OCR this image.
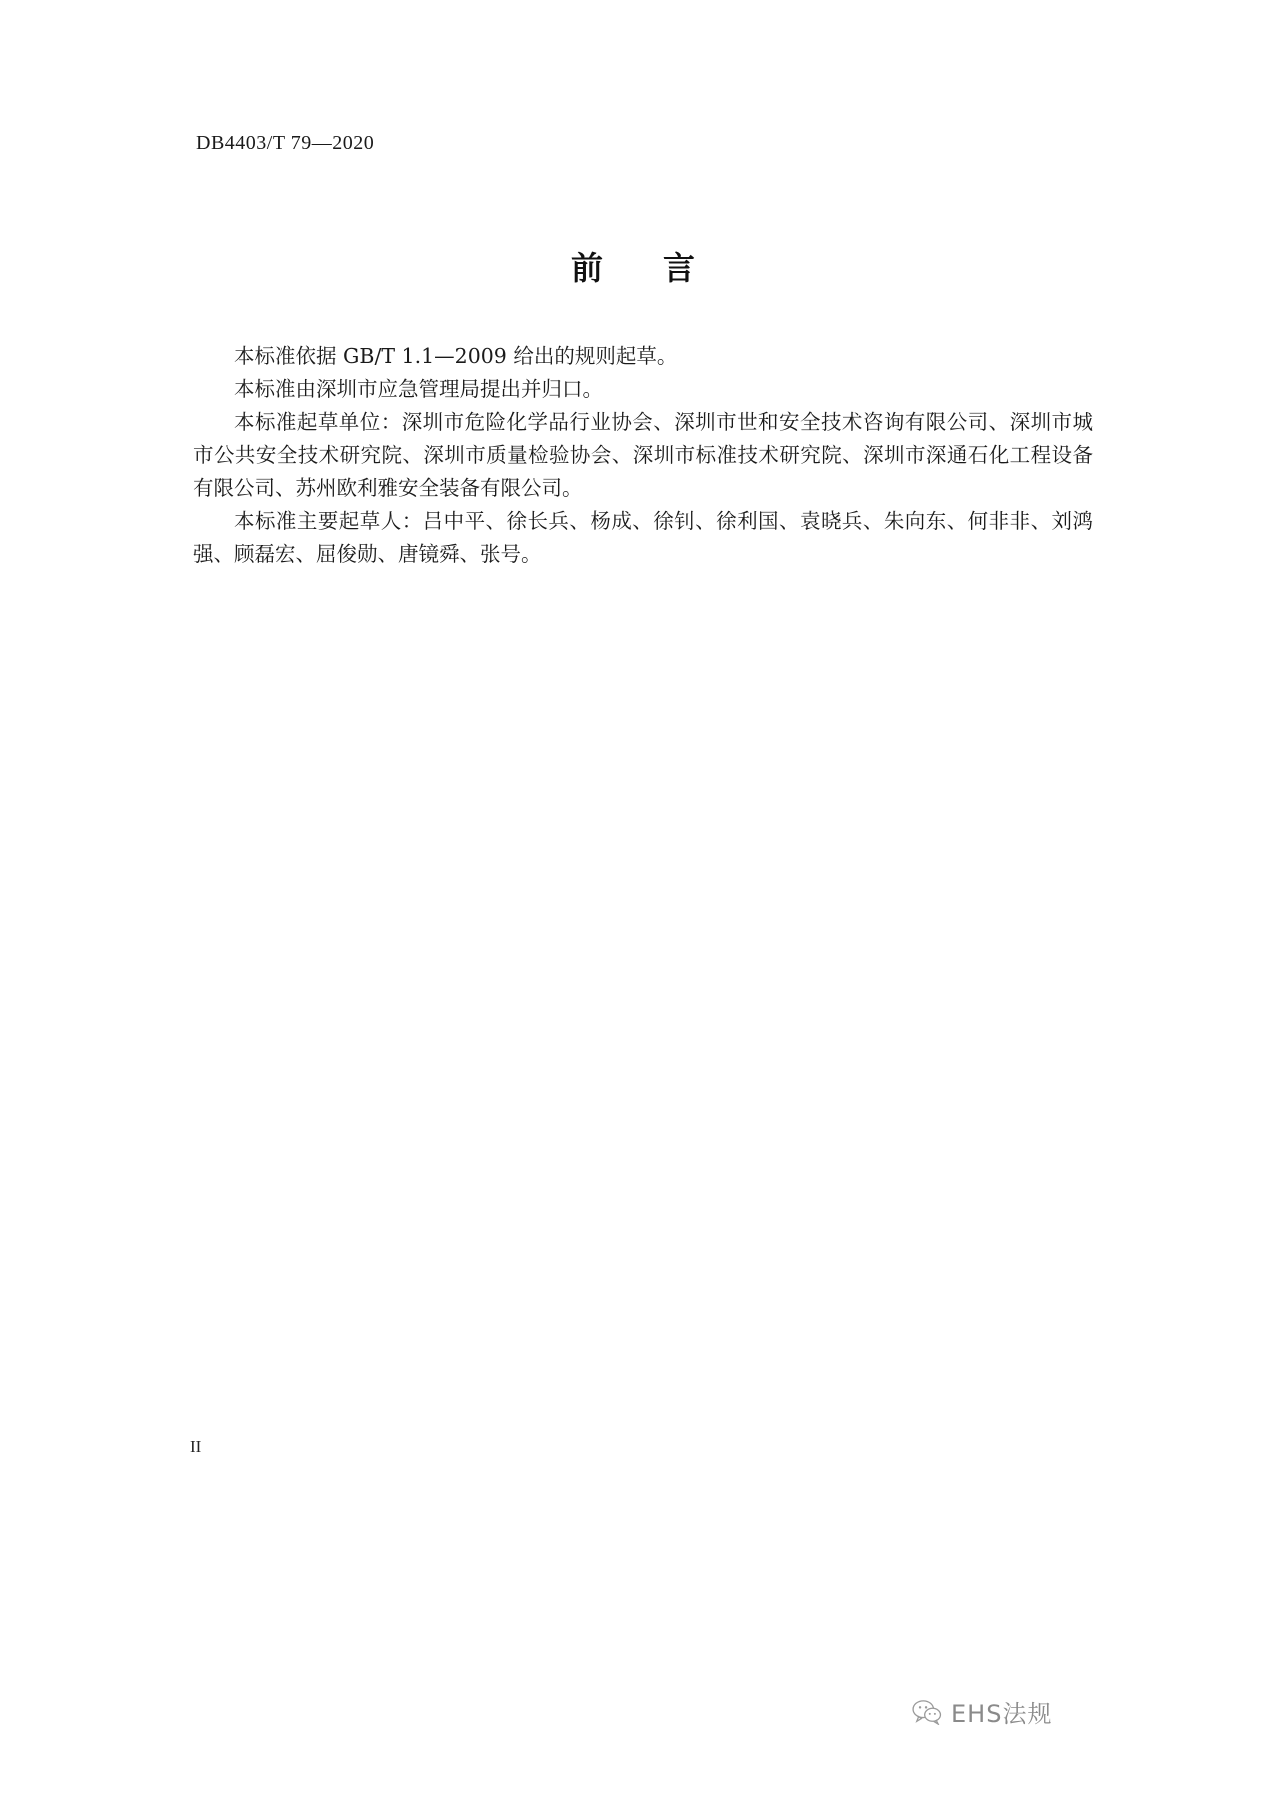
DB4403/T 79—2020
前　言

本标准依据 GB/T 1.1—2009 给出的规则起草。

本标准由深圳市应急管理局提出并归口。

本标准起草单位：深圳市危险化学品行业协会、深圳市世和安全技术咨询有限公司、深圳市城市公共安全技术研究院、深圳市质量检验协会、深圳市标准技术研究院、深圳市深通石化工程设备有限公司、苏州欧利雅安全装备有限公司。

本标准主要起草人：吕中平、徐长兵、杨成、徐钊、徐利国、袁晓兵、朱向东、何非非、刘鸿强、顾磊宏、屈俊勋、唐镜舜、张号。

II
EHS法规
